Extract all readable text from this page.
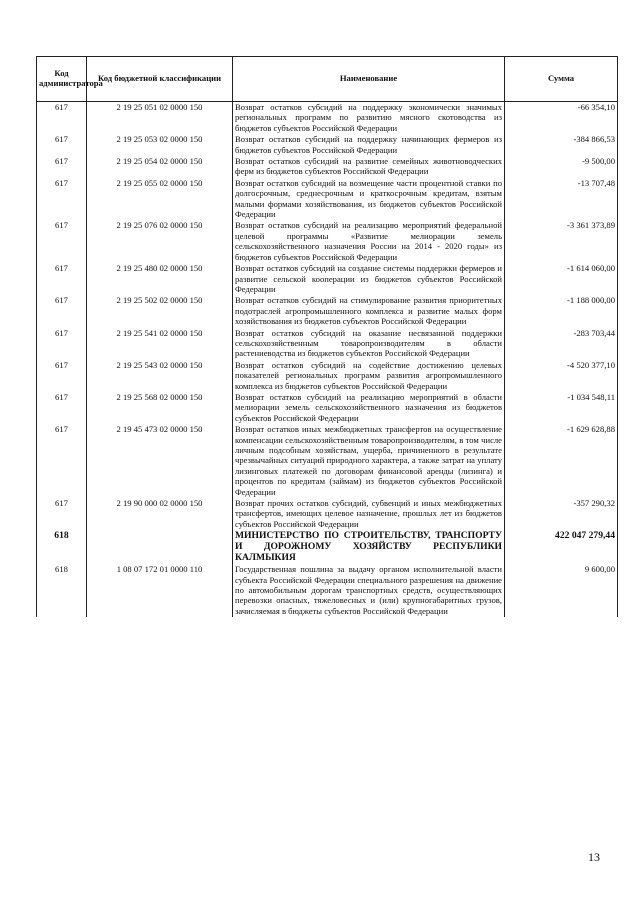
Код администратора	Код бюджетной классификации	Наименование	Сумма
617	2 19 25 051 02 0000 150	Возврат остатков субсидий на поддержку экономически значимых региональных программ по развитию мясного скотоводства из бюджетов субъектов Российской Федерации	-66 354,10
617	2 19 25 053 02 0000 150	Возврат остатков субсидий на поддержку начинающих фермеров из бюджетов субъектов Российской Федерации	-384 866,53
617	2 19 25 054 02 0000 150	Возврат остатков субсидий на развитие семейных животноводческих ферм из бюджетов субъектов Российской Федерации	-9 500,00
617	2 19 25 055 02 0000 150	Возврат остатков субсидий на возмещение части процентной ставки по долгосрочным, среднесрочным и краткосрочным кредитам, взятым малыми формами хозяйствования, из бюджетов субъектов Российской Федерации	-13 707,48
617	2 19 25 076 02 0000 150	Возврат остатков субсидий на реализацию мероприятий федеральной целевой программы «Развитие мелиорации земель сельскохозяйственного назначения России на 2014 - 2020 годы» из бюджетов субъектов Российской Федерации	-3 361 373,89
617	2 19 25 480 02 0000 150	Возврат остатков субсидий на создание системы поддержки фермеров и развитие сельской кооперации из бюджетов субъектов Российской Федерации	-1 614 060,00
617	2 19 25 502 02 0000 150	Возврат остатков субсидий на стимулирование развития приоритетных подотраслей агропромышленного комплекса и развитие малых форм хозяйствования из бюджетов субъектов Российской Федерации	-1 188 000,00
617	2 19 25 541 02 0000 150	Возврат остатков субсидий на оказание несвязанной поддержки сельскохозяйственным товаропроизводителям в области растениеводства из бюджетов субъектов Российской Федерации	-283 703,44
617	2 19 25 543 02 0000 150	Возврат остатков субсидий на содействие достижению целевых показателей региональных программ развития агропромышленного комплекса из бюджетов субъектов Российской Федерации	-4 520 377,10
617	2 19 25 568 02 0000 150	Возврат остатков субсидий на реализацию мероприятий в области мелиорации земель сельскохозяйственного назначения из бюджетов субъектов Российской Федерации	-1 034 548,11
617	2 19 45 473 02 0000 150	Возврат остатков иных межбюджетных трансфертов на осуществление компенсации сельскохозяйственным товаропроизводителям, в том числе личным подсобным хозяйствам, ущерба, причиненного в результате чрезвычайных ситуаций природного характера, а также затрат на уплату лизинговых платежей по договорам финансовой аренды (лизинга) и процентов по кредитам (займам) из бюджетов субъектов Российской Федерации	-1 629 628,88
617	2 19 90 000 02 0000 150	Возврат прочих остатков субсидий, субвенций и иных межбюджетных трансфертов, имеющих целевое назначение, прошлых лет из бюджетов субъектов Российской Федерации	-357 290,32
618		МИНИСТЕРСТВО ПО СТРОИТЕЛЬСТВУ, ТРАНСПОРТУ И ДОРОЖНОМУ ХОЗЯЙСТВУ РЕСПУБЛИКИ КАЛМЫКИЯ	422 047 279,44
618	1 08 07 172 01 0000 110	Государственная пошлина за выдачу органом исполнительной власти субъекта Российской Федерации специального разрешения на движение по автомобильным дорогам транспортных средств, осуществляющих перевозки опасных, тяжеловесных и (или) крупногабаритных грузов, зачисляемая в бюджеты субъектов Российской Федерации	9 600,00
13
